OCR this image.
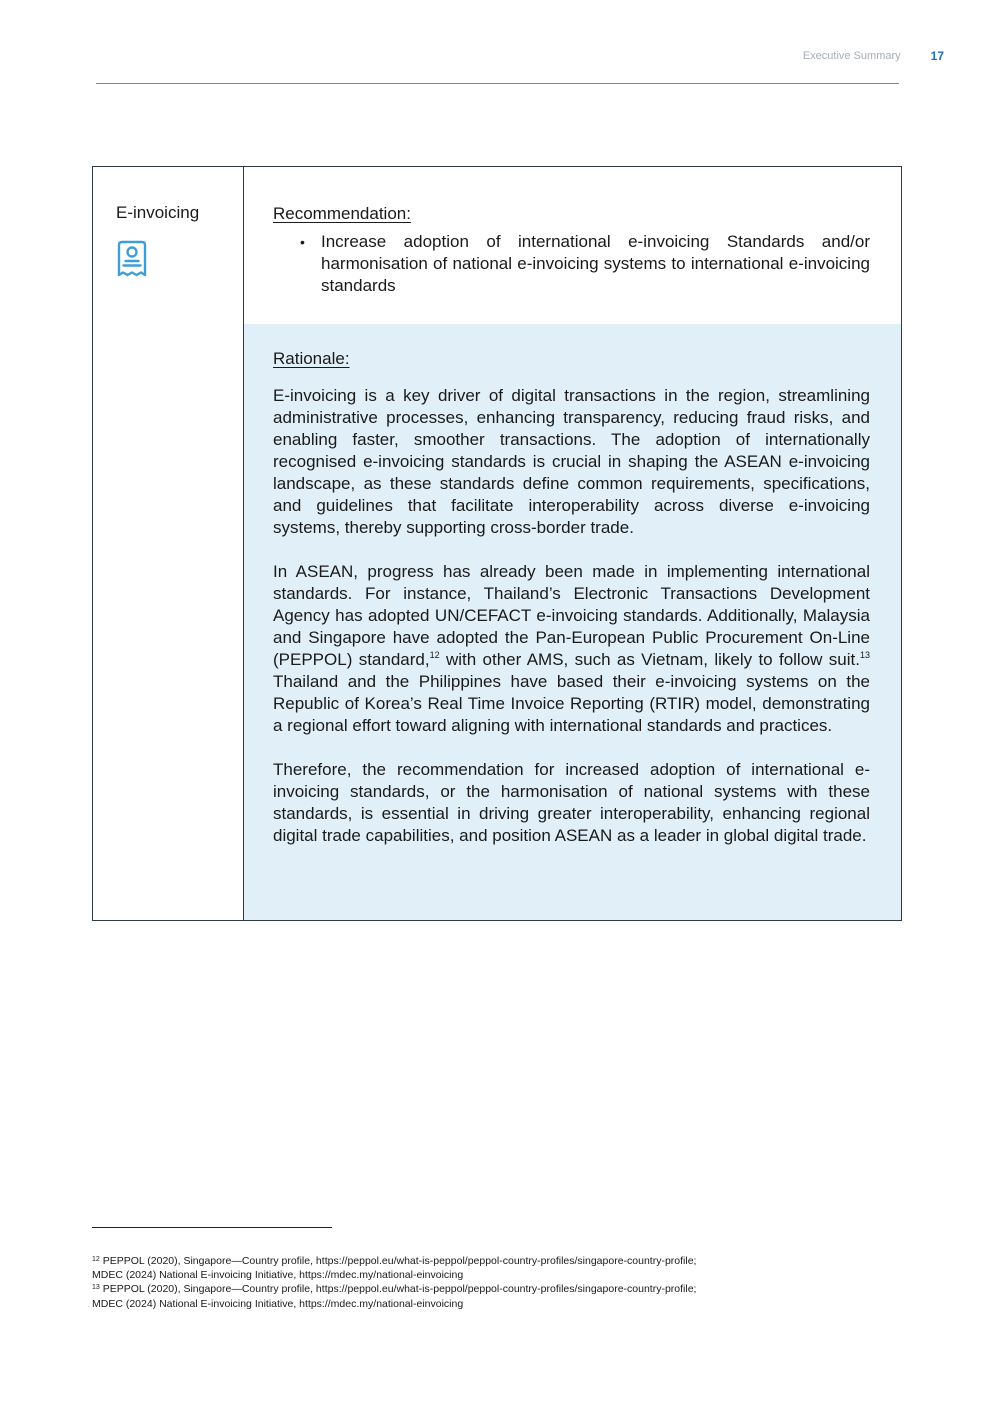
Executive Summary	17
E-invoicing	Recommendation:

• Increase adoption of international e-invoicing Standards and/or harmonisation of national e-invoicing systems to international e-invoicing standards

Rationale:

E-invoicing is a key driver of digital transactions in the region, streamlining administrative processes, enhancing transparency, reducing fraud risks, and enabling faster, smoother transactions. The adoption of internationally recognised e-invoicing standards is crucial in shaping the ASEAN e-invoicing landscape, as these standards define common requirements, specifications, and guidelines that facilitate interoperability across diverse e-invoicing systems, thereby supporting cross-border trade.

In ASEAN, progress has already been made in implementing international standards. For instance, Thailand’s Electronic Transactions Development Agency has adopted UN/CEFACT e-invoicing standards. Additionally, Malaysia and Singapore have adopted the Pan-European Public Procurement On-Line (PEPPOL) standard,$^{12}$ with other AMS, such as Vietnam, likely to follow suit.$^{13}$ Thailand and the Philippines have based their e-invoicing systems on the Republic of Korea’s Real Time Invoice Reporting (RTIR) model, demonstrating a regional effort toward aligning with international standards and practices.

Therefore, the recommendation for increased adoption of international e-invoicing standards, or the harmonisation of national systems with these standards, is essential in driving greater interoperability, enhancing regional digital trade capabilities, and position ASEAN as a leader in global digital trade.

$^{12}$ PEPPOL (2020), Singapore—Country profile, https://peppol.eu/what-is-peppol/peppol-country-profiles/singapore-country-profile;
MDEC (2024) National E-invoicing Initiative, https://mdec.my/national-einvoicing
$^{13}$ PEPPOL (2020), Singapore—Country profile, https://peppol.eu/what-is-peppol/peppol-country-profiles/singapore-country-profile;
MDEC (2024) National E-invoicing Initiative, https://mdec.my/national-einvoicing
